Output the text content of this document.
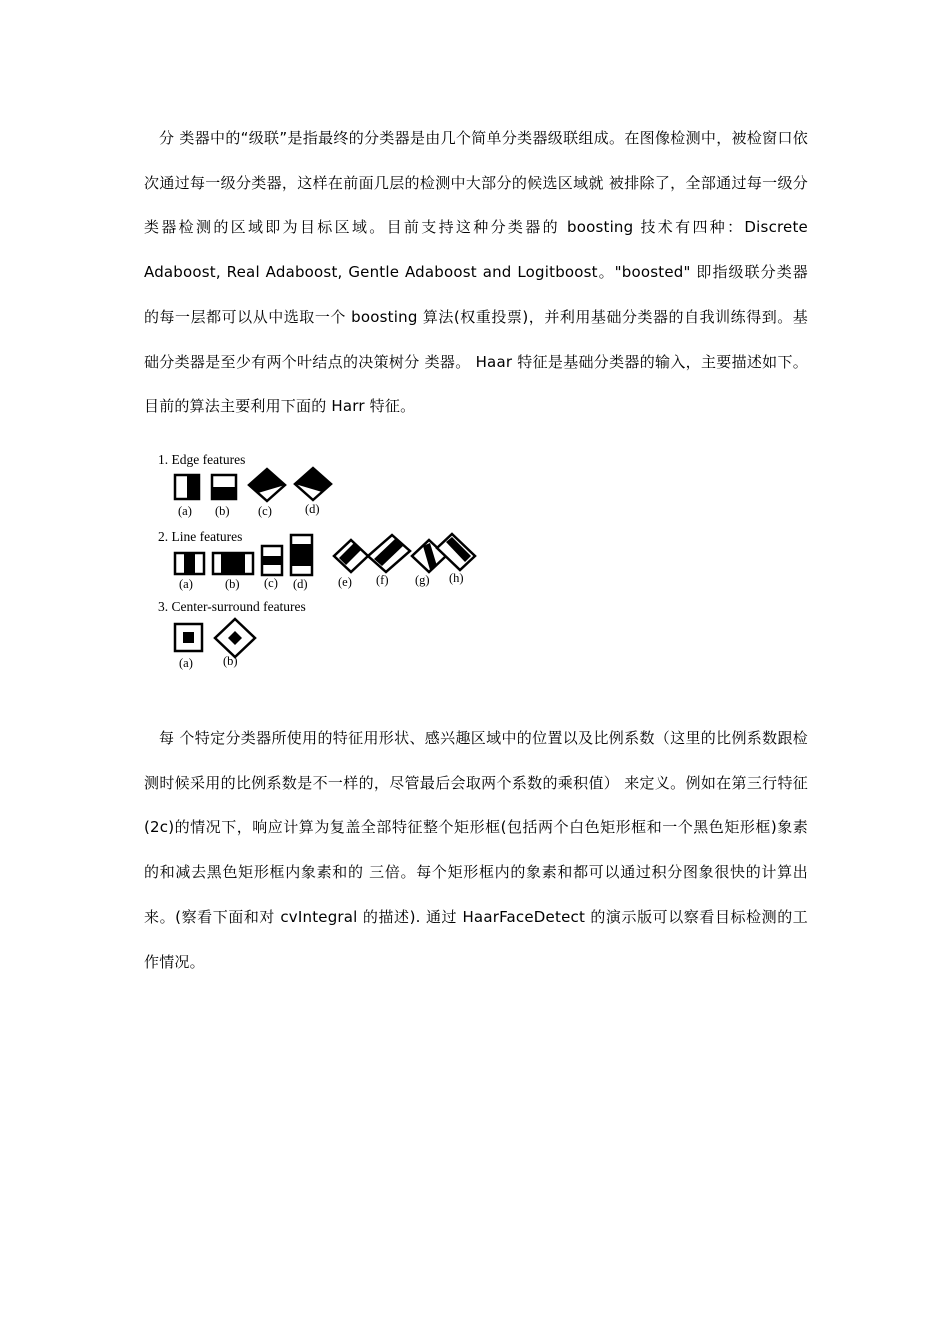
分 类器中的“级联”是指最终的分类器是由几个简单分类器级联组成。在图像检测中，被检窗口依次通过每一级分类器，这样在前面几层的检测中大部分的候选区域就 被排除了，全部通过每一级分类器检测的区域即为目标区域。目前支持这种分类器的 boosting 技术有四种：Discrete Adaboost, Real Adaboost, Gentle Adaboost and Logitboost。"boosted" 即指级联分类器的每一层都可以从中选取一个 boosting 算法(权重投票)，并利用基础分类器的自我训练得到。基础分类器是至少有两个叶结点的决策树分 类器。 Haar 特征是基础分类器的输入，主要描述如下。目前的算法主要利用下面的 Harr 特征。

1. Edge features
(a) (b) (c)	(d)
2. Line features
(a)	(b) (c) (d) (e) (f) (g) (h)
3. Center-surround features
(a) (b)

每 个特定分类器所使用的特征用形状、感兴趣区域中的位置以及比例系数（这里的比例系数跟检测时候采用的比例系数是不一样的，尽管最后会取两个系数的乘积值） 来定义。例如在第三行特征(2c)的情况下，响应计算为复盖全部特征整个矩形框(包括两个白色矩形框和一个黑色矩形框)象素的和减去黑色矩形框内象素和的 三倍。每个矩形框内的象素和都可以通过积分图象很快的计算出来。(察看下面和对 cvIntegral 的描述). 通过 HaarFaceDetect 的演示版可以察看目标检测的工作情况。
